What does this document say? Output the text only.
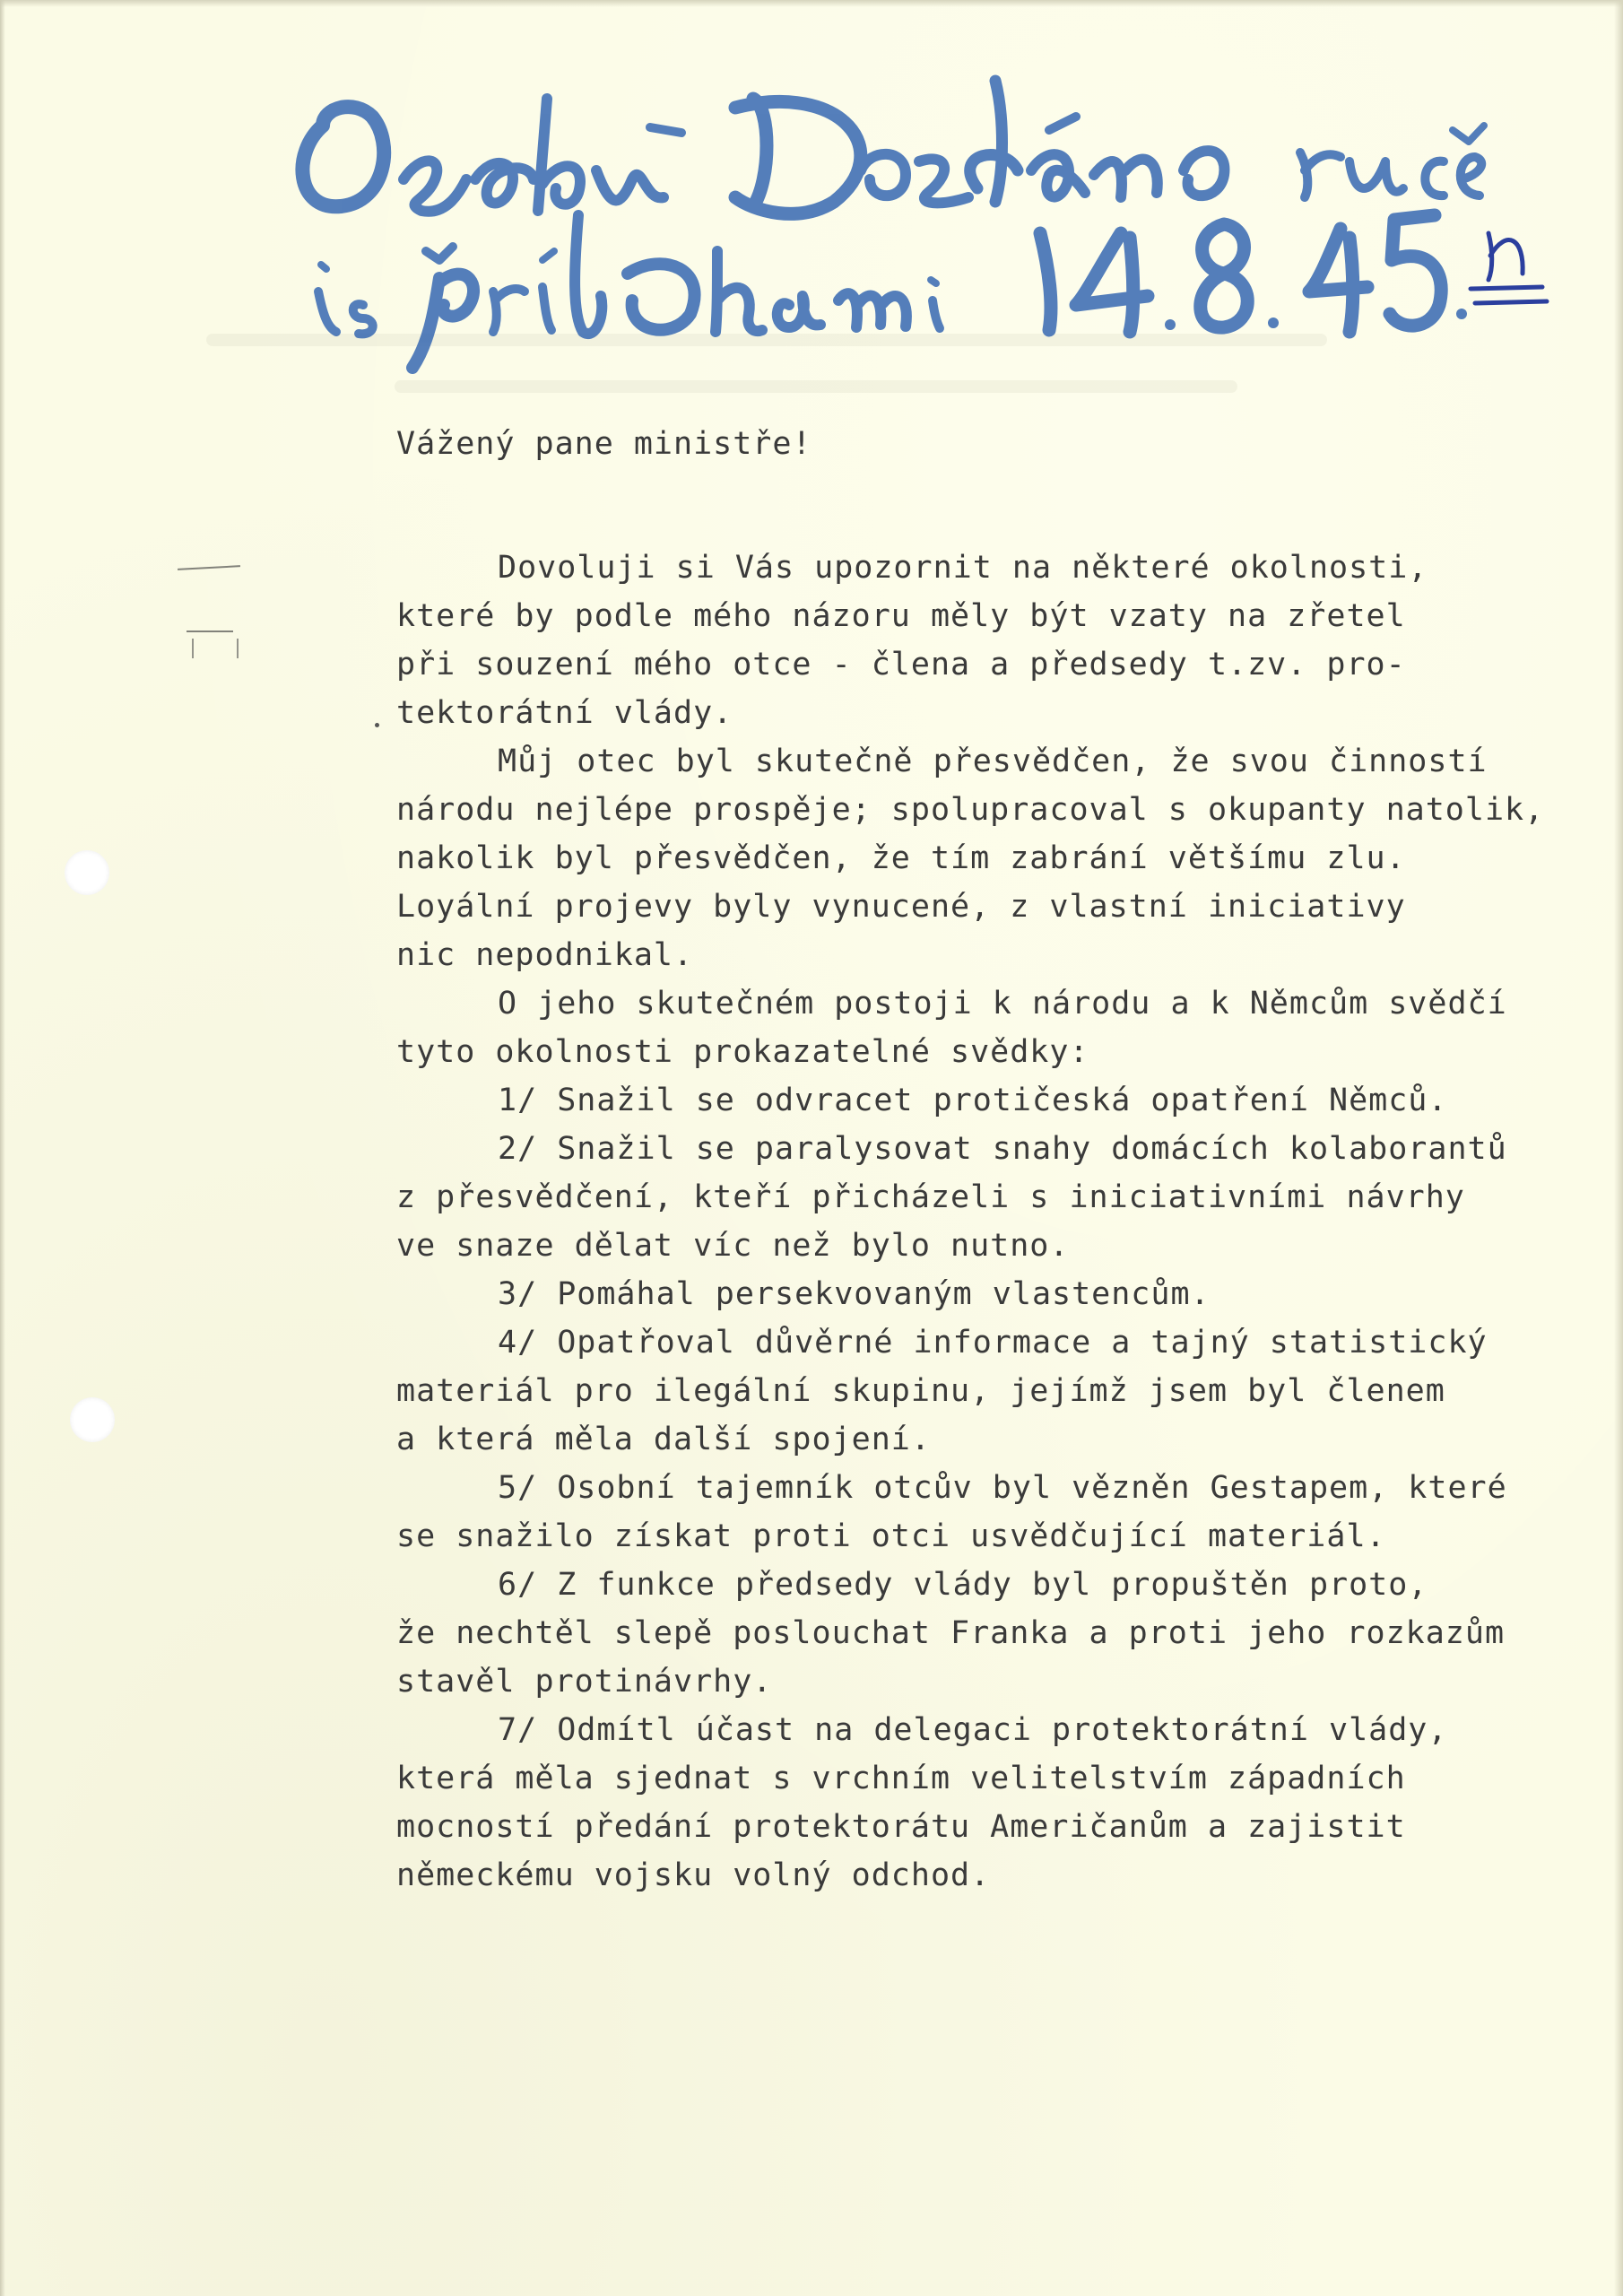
Vážený pane ministře!
Dovoluji si Vás upozornit na některé okolnosti,
které by podle mého názoru měly být vzaty na zřetel
při souzení mého otce - člena a předsedy t.zv. pro-
tektorátní vlády.
Můj otec byl skutečně přesvědčen, že svou činností
národu nejlépe prospěje; spolupracoval s okupanty natolik,
nakolik byl přesvědčen, že tím zabrání většímu zlu.
Loyální projevy byly vynucené, z vlastní iniciativy
nic nepodnikal.
O jeho skutečném postoji k národu a k Němcům svědčí
tyto okolnosti prokazatelné svědky:
1/ Snažil se odvracet protičeská opatření Němců.
2/ Snažil se paralysovat snahy domácích kolaborantů
z přesvědčení, kteří přicházeli s iniciativními návrhy
ve snaze dělat víc než bylo nutno.
3/ Pomáhal persekvovaným vlastencům.
4/ Opatřoval důvěrné informace a tajný statistický
materiál pro ilegální skupinu, jejímž jsem byl členem
a která měla další spojení.
5/ Osobní tajemník otcův byl vězněn Gestapem, které
se snažilo získat proti otci usvědčující materiál.
6/ Z funkce předsedy vlády byl propuštěn proto,
že nechtěl slepě poslouchat Franka a proti jeho rozkazům
stavěl protinávrhy.
7/ Odmítl účast na delegaci protektorátní vlády,
která měla sjednat s vrchním velitelstvím západních
mocností předání protektorátu Američanům a zajistit
německému vojsku volný odchod.
